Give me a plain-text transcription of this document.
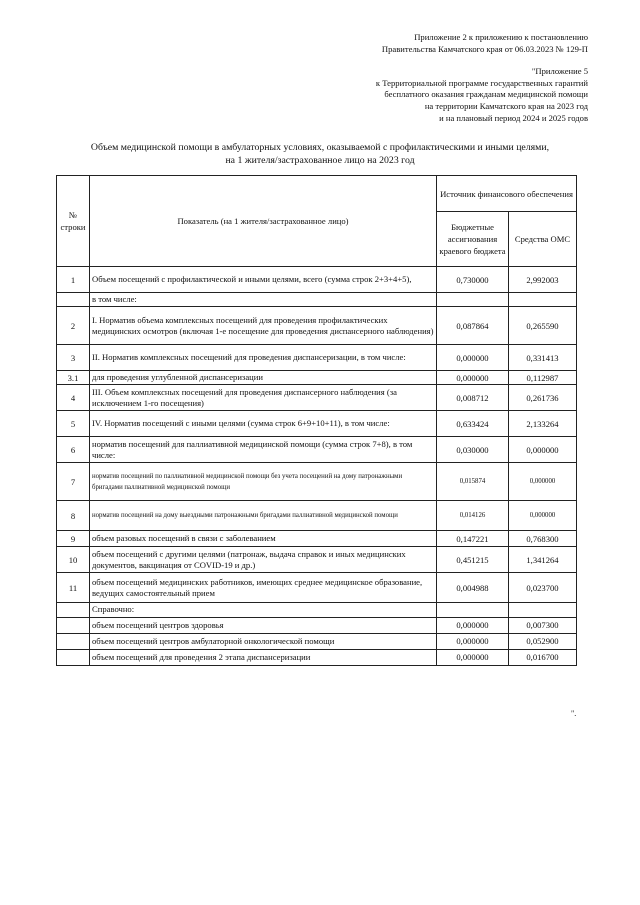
Приложение 2 к приложению к постановлению
Правительства Камчатского края от 06.03.2023 № 129-П
"Приложение 5
к Территориальной программе государственных гарантий
бесплатного оказания гражданам медицинской помощи
на территории Камчатского края на 2023 год
и на плановый период 2024 и 2025 годов
Объем медицинской помощи в амбулаторных условиях, оказываемой с профилактическими и иными целями,
на 1 жителя/застрахованное лицо на 2023 год
№ строки	Показатель (на 1 жителя/застрахованное лицо)	Источник финансового обеспечения	
		Бюджетные ассигнования краевого бюджета	Средства ОМС
1	Объем посещений с профилактической и иными целями, всего (сумма строк 2+3+4+5),	0,730000	2,992003
	в том числе:		
2	I. Норматив объема комплексных посещений для проведения профилактических медицинских осмотров (включая 1-е посещение для проведения диспансерного наблюдения)	0,087864	0,265590
3	II. Норматив комплексных посещений для проведения диспансеризации, в том числе:	0,000000	0,331413
3.1	для проведения углубленной диспансеризации	0,000000	0,112987
4	III. Объем комплексных посещений для проведения диспансерного наблюдения (за исключением 1-го посещения)	0,008712	0,261736
5	IV. Норматив посещений с иными целями (сумма строк 6+9+10+11), в том числе:	0,633424	2,133264
6	норматив посещений для паллиативной медицинской помощи (сумма строк 7+8), в том числе:	0,030000	0,000000
7	норматив посещений по паллиативной медицинской помощи без учета посещений на дому патронажными бригадами паллиативной медицинской помощи	0,015874	0,000000
8	норматив посещений на дому выездными патронажными бригадами паллиативной медицинской помощи	0,014126	0,000000
9	объем разовых посещений в связи с заболеванием	0,147221	0,768300
10	объем посещений с другими целями (патронаж, выдача справок и иных медицинских документов, вакцинация от COVID-19 и др.)	0,451215	1,341264
11	объем посещений медицинских работников, имеющих среднее медицинское образование, ведущих самостоятельный прием	0,004988	0,023700
	Справочно:		
	объем посещений центров здоровья	0,000000	0,007300
	объем посещений центров амбулаторной онкологической помощи	0,000000	0,052900
	объем посещений для проведения 2 этапа диспансеризации	0,000000	0,016700
".
